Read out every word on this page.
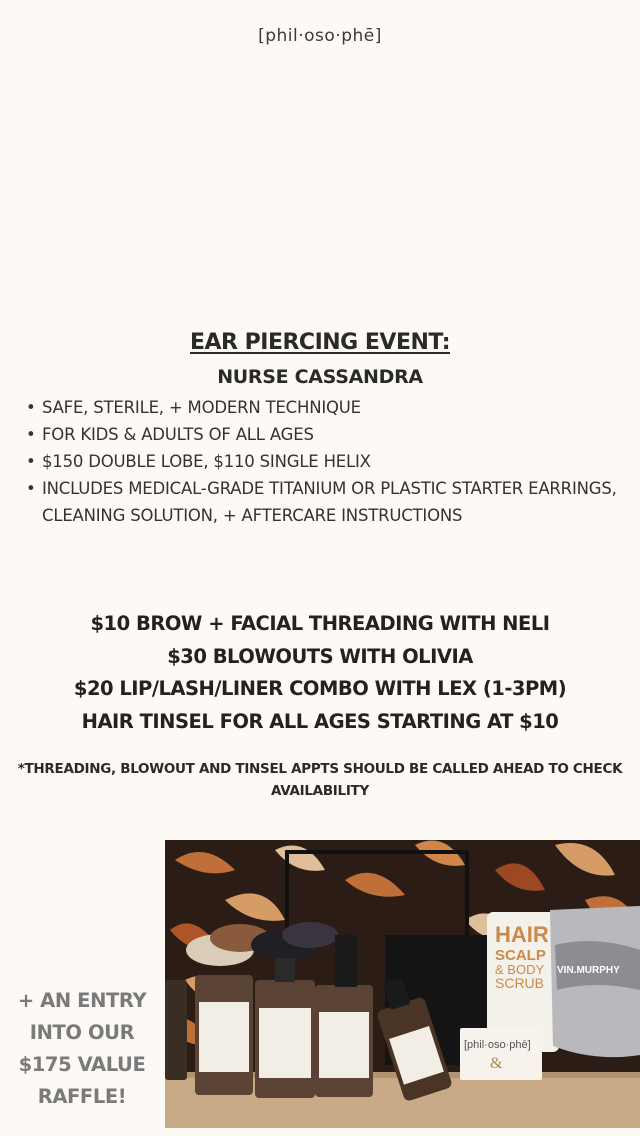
[phil·oso·phē]
EAR PIERCING EVENT:
NURSE CASSANDRA
• SAFE, STERILE, + MODERN TECHNIQUE
• FOR KIDS & ADULTS OF ALL AGES
• $150 DOUBLE LOBE, $110 SINGLE HELIX
• INCLUDES MEDICAL-GRADE TITANIUM OR PLASTIC STARTER EARRINGS, CLEANING SOLUTION, + AFTERCARE INSTRUCTIONS
$10 BROW + FACIAL THREADING WITH NELI
$30 BLOWOUTS WITH OLIVIA
$20 LIP/LASH/LINER COMBO WITH LEX (1-3PM)
HAIR TINSEL FOR ALL AGES STARTING AT $10
*THREADING, BLOWOUT AND TINSEL APPTS SHOULD BE CALLED AHEAD TO CHECK AVAILABILITY
+ AN ENTRY
INTO OUR
$175 VALUE
RAFFLE!
HAIR
SCALP
& BODY
SCRUB
VIN.MURPHY
[phil·oso·phē]
&
